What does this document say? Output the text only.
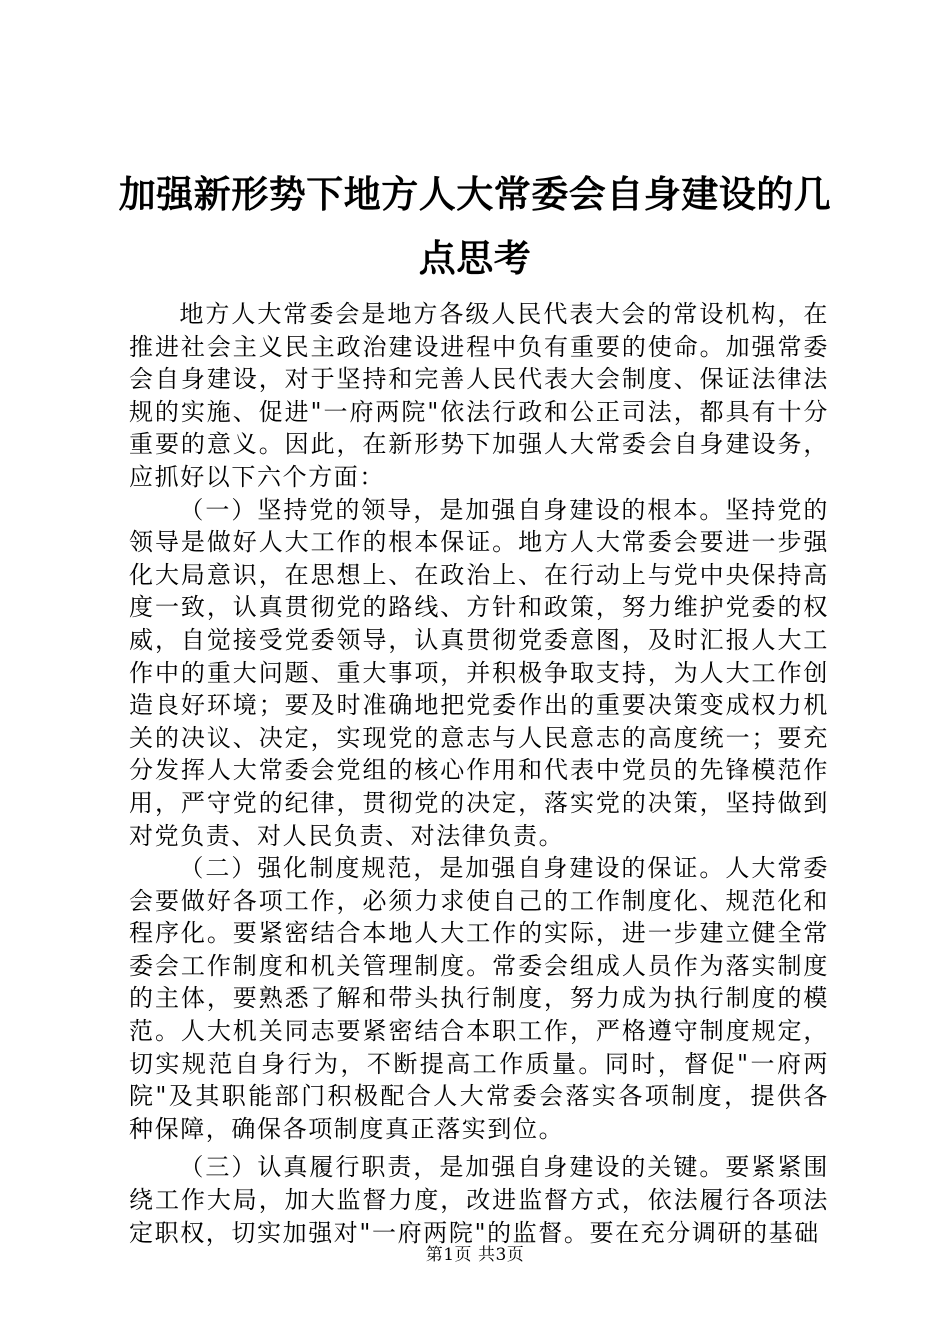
加强新形势下地方人大常委会自身建设的几点思考

地方人大常委会是地方各级人民代表大会的常设机构，在推进社会主义民主政治建设进程中负有重要的使命。加强常委会自身建设，对于坚持和完善人民代表大会制度、保证法律法规的实施、促进"一府两院"依法行政和公正司法，都具有十分重要的意义。因此，在新形势下加强人大常委会自身建设务，应抓好以下六个方面：

（一）坚持党的领导，是加强自身建设的根本。坚持党的领导是做好人大工作的根本保证。地方人大常委会要进一步强化大局意识，在思想上、在政治上、在行动上与党中央保持高度一致，认真贯彻党的路线、方针和政策，努力维护党委的权威，自觉接受党委领导，认真贯彻党委意图，及时汇报人大工作中的重大问题、重大事项，并积极争取支持，为人大工作创造良好环境；要及时准确地把党委作出的重要决策变成权力机关的决议、决定，实现党的意志与人民意志的高度统一；要充分发挥人大常委会党组的核心作用和代表中党员的先锋模范作用，严守党的纪律，贯彻党的决定，落实党的决策，坚持做到对党负责、对人民负责、对法律负责。

（二）强化制度规范，是加强自身建设的保证。人大常委会要做好各项工作，必须力求使自己的工作制度化、规范化和程序化。要紧密结合本地人大工作的实际，进一步建立健全常委会工作制度和机关管理制度。常委会组成人员作为落实制度的主体，要熟悉了解和带头执行制度，努力成为执行制度的模范。人大机关同志要紧密结合本职工作，严格遵守制度规定，切实规范自身行为，不断提高工作质量。同时，督促"一府两院"及其职能部门积极配合人大常委会落实各项制度，提供各种保障，确保各项制度真正落实到位。

（三）认真履行职责，是加强自身建设的关键。要紧紧围绕工作大局，加大监督力度，改进监督方式，依法履行各项法定职权，切实加强对"一府两院"的监督。要在充分调研的基础

第1页 共3页
